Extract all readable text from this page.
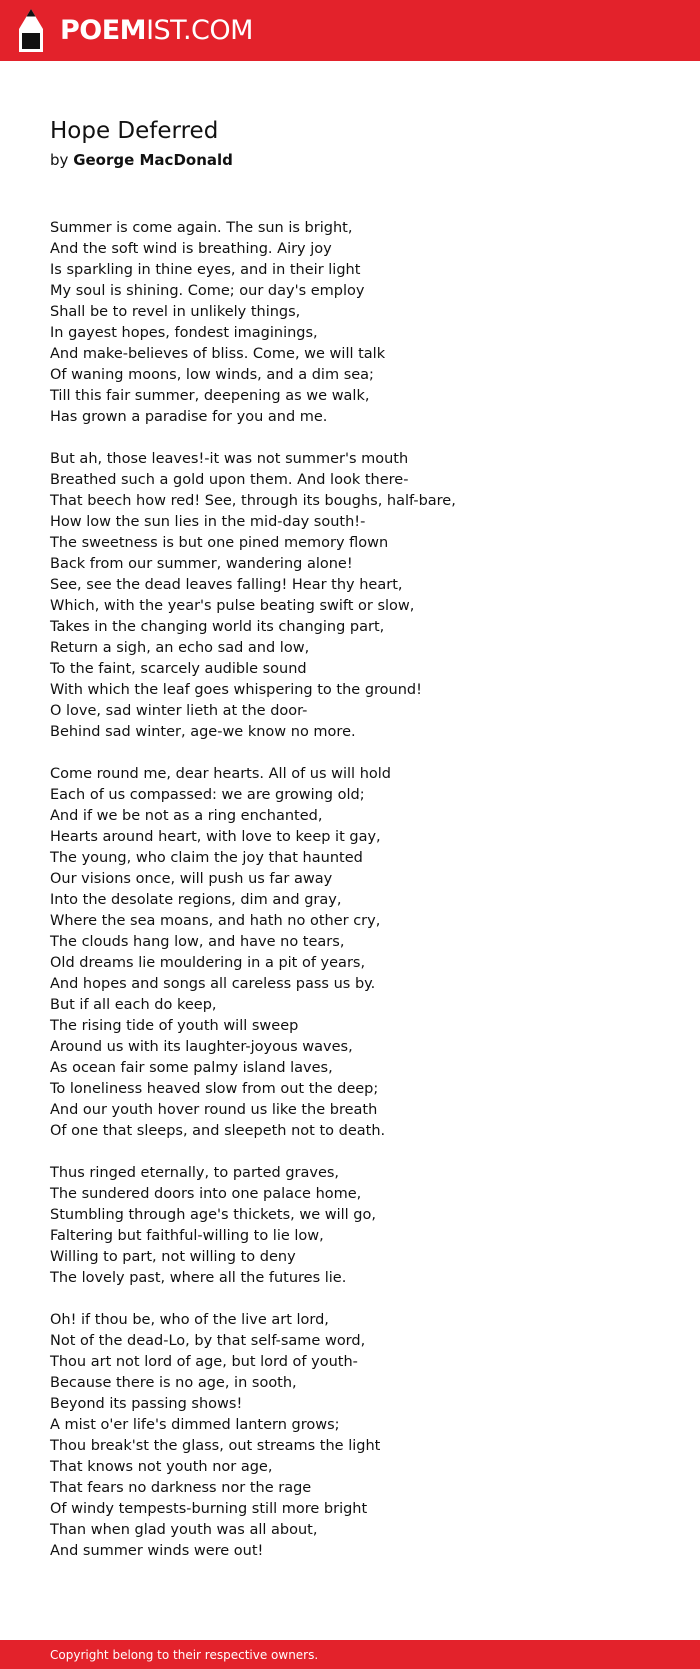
POEMIST.COM
Hope Deferred
by George MacDonald
Summer is come again. The sun is bright,
And the soft wind is breathing. Airy joy
Is sparkling in thine eyes, and in their light
My soul is shining. Come; our day's employ
Shall be to revel in unlikely things,
In gayest hopes, fondest imaginings,
And make-believes of bliss. Come, we will talk
Of waning moons, low winds, and a dim sea;
Till this fair summer, deepening as we walk,
Has grown a paradise for you and me.
But ah, those leaves!-it was not summer's mouth
Breathed such a gold upon them. And look there-
That beech how red! See, through its boughs, half-bare,
How low the sun lies in the mid-day south!-
The sweetness is but one pined memory flown
Back from our summer, wandering alone!
See, see the dead leaves falling! Hear thy heart,
Which, with the year's pulse beating swift or slow,
Takes in the changing world its changing part,
Return a sigh, an echo sad and low,
To the faint, scarcely audible sound
With which the leaf goes whispering to the ground!
O love, sad winter lieth at the door-
Behind sad winter, age-we know no more.
Come round me, dear hearts. All of us will hold
Each of us compassed: we are growing old;
And if we be not as a ring enchanted,
Hearts around heart, with love to keep it gay,
The young, who claim the joy that haunted
Our visions once, will push us far away
Into the desolate regions, dim and gray,
Where the sea moans, and hath no other cry,
The clouds hang low, and have no tears,
Old dreams lie mouldering in a pit of years,
And hopes and songs all careless pass us by.
But if all each do keep,
The rising tide of youth will sweep
Around us with its laughter-joyous waves,
As ocean fair some palmy island laves,
To loneliness heaved slow from out the deep;
And our youth hover round us like the breath
Of one that sleeps, and sleepeth not to death.
Thus ringed eternally, to parted graves,
The sundered doors into one palace home,
Stumbling through age's thickets, we will go,
Faltering but faithful-willing to lie low,
Willing to part, not willing to deny
The lovely past, where all the futures lie.
Oh! if thou be, who of the live art lord,
Not of the dead-Lo, by that self-same word,
Thou art not lord of age, but lord of youth-
Because there is no age, in sooth,
Beyond its passing shows!
A mist o'er life's dimmed lantern grows;
Thou break'st the glass, out streams the light
That knows not youth nor age,
That fears no darkness nor the rage
Of windy tempests-burning still more bright
Than when glad youth was all about,
And summer winds were out!
Copyright belong to their respective owners.
